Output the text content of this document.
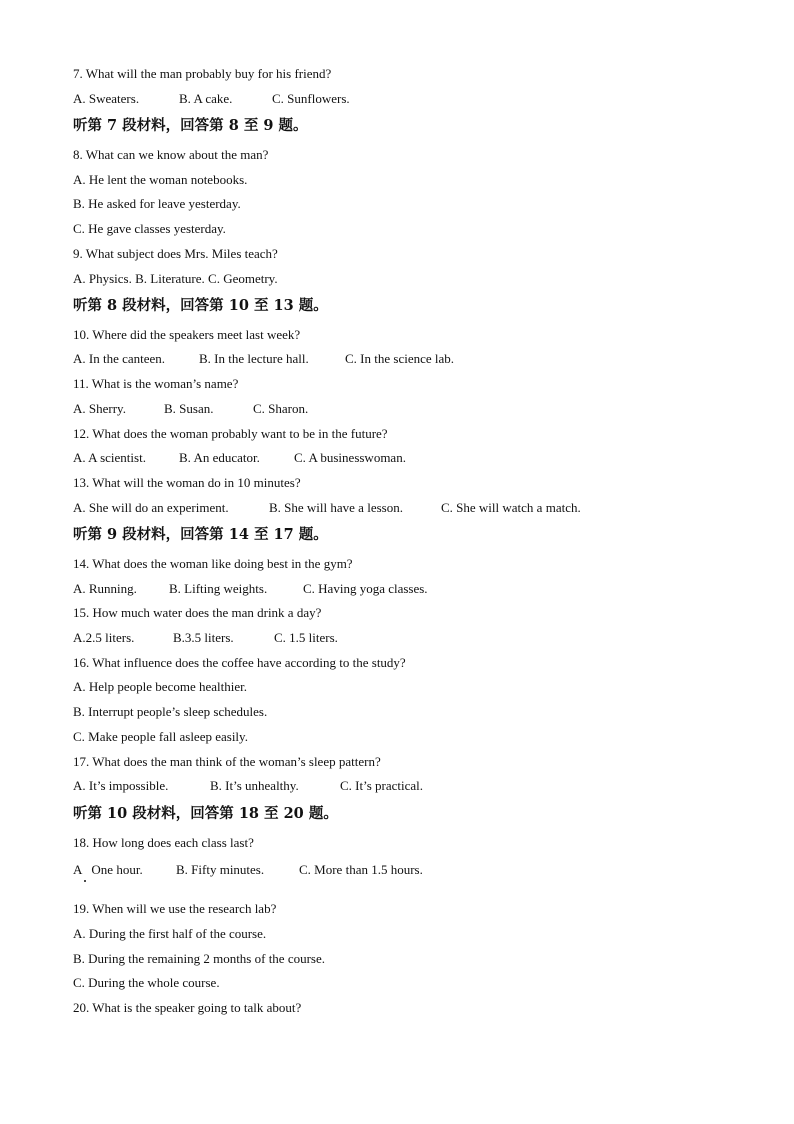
7. What will the man probably buy for his friend?

A. Sweaters.	B. A cake.	C. Sunflowers.

听第 7 段材料，回答第 8 至 9 题。

8. What can we know about the man?

A. He lent the woman notebooks.

B. He asked for leave yesterday.

C. He gave classes yesterday.

9. What subject does Mrs. Miles teach?

A. Physics. B. Literature. C. Geometry.

听第 8 段材料，回答第 10 至 13 题。

10. Where did the speakers meet last week?

A. In the canteen.	B. In the lecture hall.	C. In the science lab.

11. What is the woman’s name?

A. Sherry.	B. Susan.	C. Sharon.

12. What does the woman probably want to be in the future?

A. A scientist.	B. An educator.	C. A businesswoman.

13. What will the woman do in 10 minutes?

A. She will do an experiment.	B. She will have a lesson.	C. She will watch a match.

听第 9 段材料，回答第 14 至 17 题。

14. What does the woman like doing best in the gym?

A. Running. B. Lifting weights.	C. Having yoga classes.

15. How much water does the man drink a day?

A.2.5 liters.	B.3.5 liters.	C. 1.5 liters.

16. What influence does the coffee have according to the study?

A. Help people become healthier.

B. Interrupt people’s sleep schedules.

C. Make people fall asleep easily.

17. What does the man think of the woman’s sleep pattern?

A. It’s impossible.	B. It’s unhealthy.	C. It’s practical.

听第 10 段材料，回答第 18 至 20 题。

18. How long does each class last?

A   One hour.	B. Fifty minutes.	C. More than 1.5 hours.

19. When will we use the research lab?

A. During the first half of the course.

B. During the remaining 2 months of the course.

C. During the whole course.

20. What is the speaker going to talk about?
